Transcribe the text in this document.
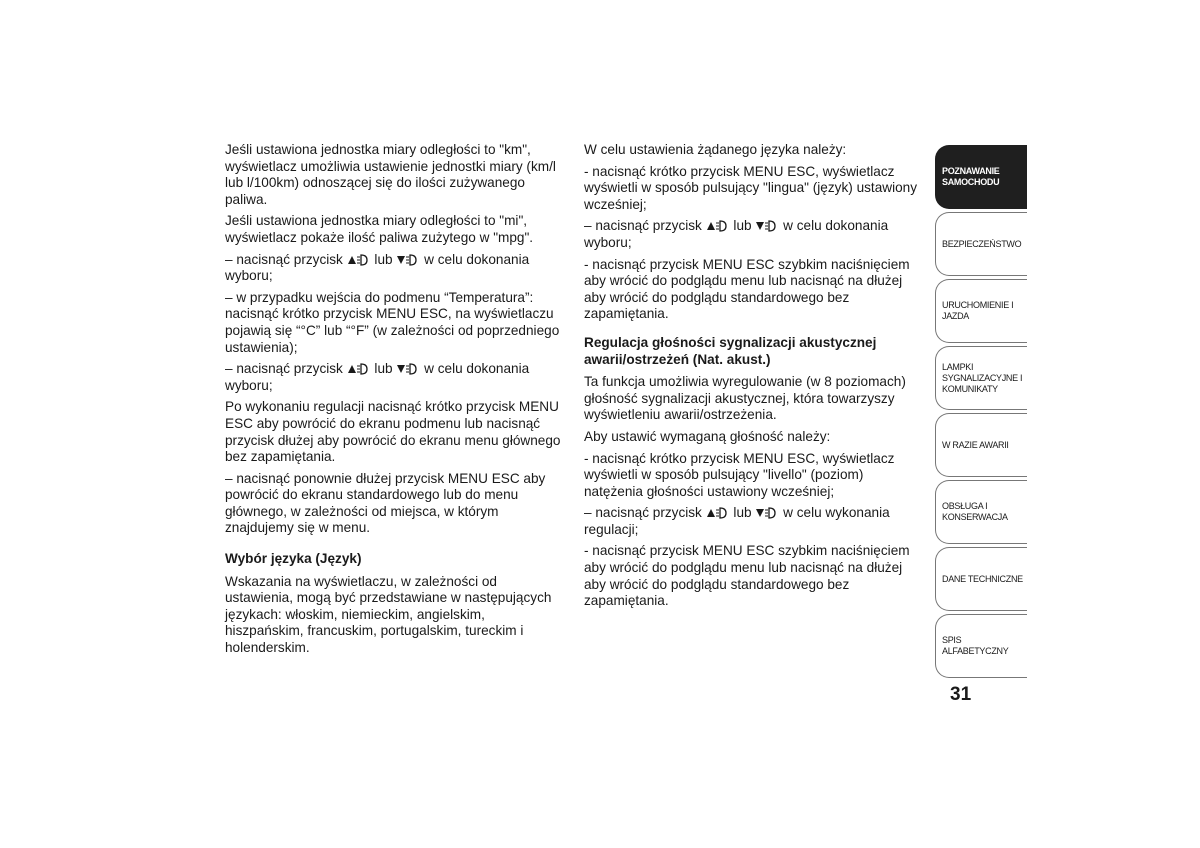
Jeśli ustawiona jednostka miary odległości to "km", wyświetlacz umożliwia ustawienie jednostki miary (km/l lub l/100km) odnoszącej się do ilości zużywanego paliwa.

Jeśli ustawiona jednostka miary odległości to "mi", wyświetlacz pokaże ilość paliwa zużytego w "mpg".

– nacisnąć przycisk lub w celu dokonania wyboru;

– w przypadku wejścia do podmenu “Temperatura”: nacisnąć krótko przycisk MENU ESC, na wyświetlaczu pojawią się “°C” lub “°F” (w zależności od poprzedniego ustawienia);

– nacisnąć przycisk lub w celu dokonania wyboru;

Po wykonaniu regulacji nacisnąć krótko przycisk MENU ESC aby powrócić do ekranu podmenu lub nacisnąć przycisk dłużej aby powrócić do ekranu menu głównego bez zapamiętania.

– nacisnąć ponownie dłużej przycisk MENU ESC aby powrócić do ekranu standardowego lub do menu głównego, w zależności od miejsca, w którym znajdujemy się w menu.

Wybór języka (Język)

Wskazania na wyświetlaczu, w zależności od ustawienia, mogą być przedstawiane w następujących językach: włoskim, niemieckim, angielskim, hiszpańskim, francuskim, portugalskim, tureckim i holenderskim.

W celu ustawienia żądanego języka należy:

- nacisnąć krótko przycisk MENU ESC, wyświetlacz wyświetli w sposób pulsujący "lingua" (język) ustawiony wcześniej;

– nacisnąć przycisk lub w celu dokonania wyboru;

- nacisnąć przycisk MENU ESC szybkim naciśnięciem aby wrócić do podglądu menu lub nacisnąć na dłużej aby wrócić do podglądu standardowego bez zapamiętania.

Regulacja głośności sygnalizacji akustycznej awarii/ostrzeżeń (Nat. akust.)

Ta funkcja umożliwia wyregulowanie (w 8 poziomach) głośność sygnalizacji akustycznej, która towarzyszy wyświetleniu awarii/ostrzeżenia.

Aby ustawić wymaganą głośność należy:

- nacisnąć krótko przycisk MENU ESC, wyświetlacz wyświetli w sposób pulsujący "livello" (poziom) natężenia głośności ustawiony wcześniej;

– nacisnąć przycisk lub w celu wykonania regulacji;

- nacisnąć przycisk MENU ESC szybkim naciśnięciem aby wrócić do podglądu menu lub nacisnąć na dłużej aby wrócić do podglądu standardowego bez zapamiętania.

POZNAWANIE
SAMOCHODU
BEZPIECZEŃSTWO
URUCHOMIENIE I
JAZDA
LAMPKI
SYGNALIZACYJNE I
KOMUNIKATY
W RAZIE AWARII
OBSŁUGA I
KONSERWACJA
DANE TECHNICZNE
SPIS ALFABETYCZNY
31
